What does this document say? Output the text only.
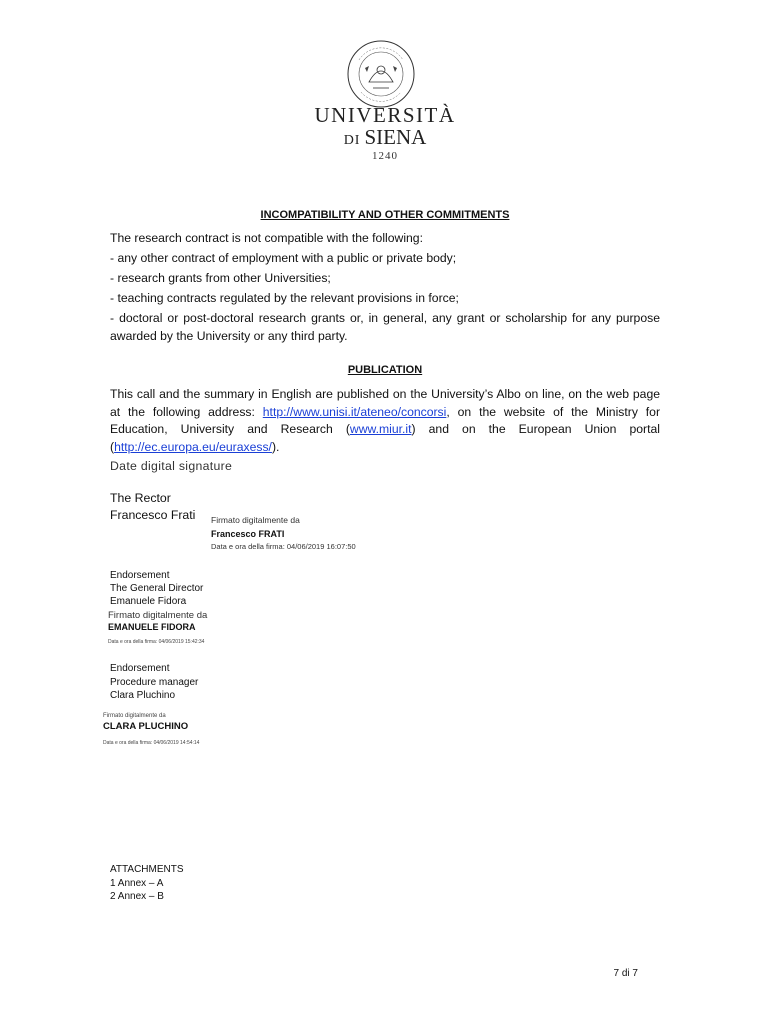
UNIVERSITÀ
DI SIENA
1240
INCOMPATIBILITY AND OTHER COMMITMENTS

The research contract is not compatible with the following:

- any other contract of employment with a public or private body;

- research grants from other Universities;

- teaching contracts regulated by the relevant provisions in force;

- doctoral or post-doctoral research grants or, in general, any grant or scholarship for any purpose awarded by the University or any third party.

PUBLICATION

This call and the summary in English are published on the University’s Albo on line, on the web page at the following address: http://www.unisi.it/ateneo/concorsi, on the website of the Ministry for Education, University and Research (www.miur.it) and on the European Union portal (http://ec.europa.eu/euraxess/).

Date digital signature
The Rector
Francesco Frati Firmato digitalmente da
Francesco FRATI
Data e ora della firma: 04/06/2019 16:07:50
Endorsement
The General Director
Emanuele Fidora
Firmato digitalmente da
EMANUELE FIDORA
Data e ora della firma: 04/06/2019 15:42:34
Endorsement
Procedure manager
Clara Pluchino
Firmato digitalmente da
CLARA PLUCHINO
Data e ora della firma: 04/06/2019 14:54:14
ATTACHMENTS
1 Annex – A
2 Annex – B
7 di 7
